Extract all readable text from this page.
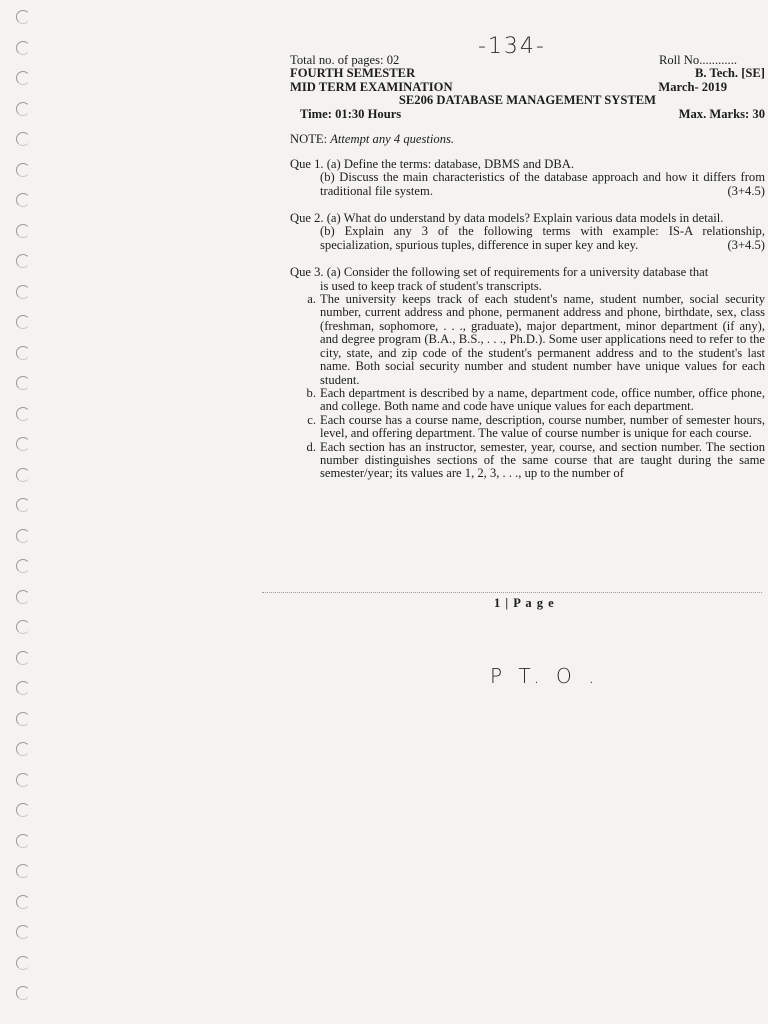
-134-
Total no. of pages: 02	Roll No............
FOURTH SEMESTER	B. Tech. [SE]
MID TERM EXAMINATION	March- 2019
SE206 DATABASE MANAGEMENT SYSTEM
Time: 01:30 Hours	Max. Marks: 30
NOTE: Attempt any 4 questions.
Que 1. (a) Define the terms: database, DBMS and DBA.
(b) Discuss the main characteristics of the database approach and how it differs from traditional file system.	(3+4.5)
Que 2. (a) What do understand by data models? Explain various data models in detail.
(b) Explain any 3 of the following terms with example: IS-A relationship, specialization, spurious tuples, difference in super key and key.	(3+4.5)
Que 3. (a) Consider the following set of requirements for a university database that
is used to keep track of student's transcripts.
a. The university keeps track of each student's name, student number, social security number, current address and phone, permanent address and phone, birthdate, sex, class (freshman, sophomore, . . ., graduate), major department, minor department (if any), and degree program (B.A., B.S., . . ., Ph.D.). Some user applications need to refer to the city, state, and zip code of the student's permanent address and to the student's last name. Both social security number and student number have unique values for each student.
b. Each department is described by a name, department code, office number, office phone, and college. Both name and code have unique values for each department.
c. Each course has a course name, description, course number, number of semester hours, level, and offering department. The value of course number is unique for each course.
d. Each section has an instructor, semester, year, course, and section number. The section number distinguishes sections of the same course that are taught during the same semester/year; its values are 1, 2, 3, . . ., up to the number of
1 | P a g e
P T. O .
